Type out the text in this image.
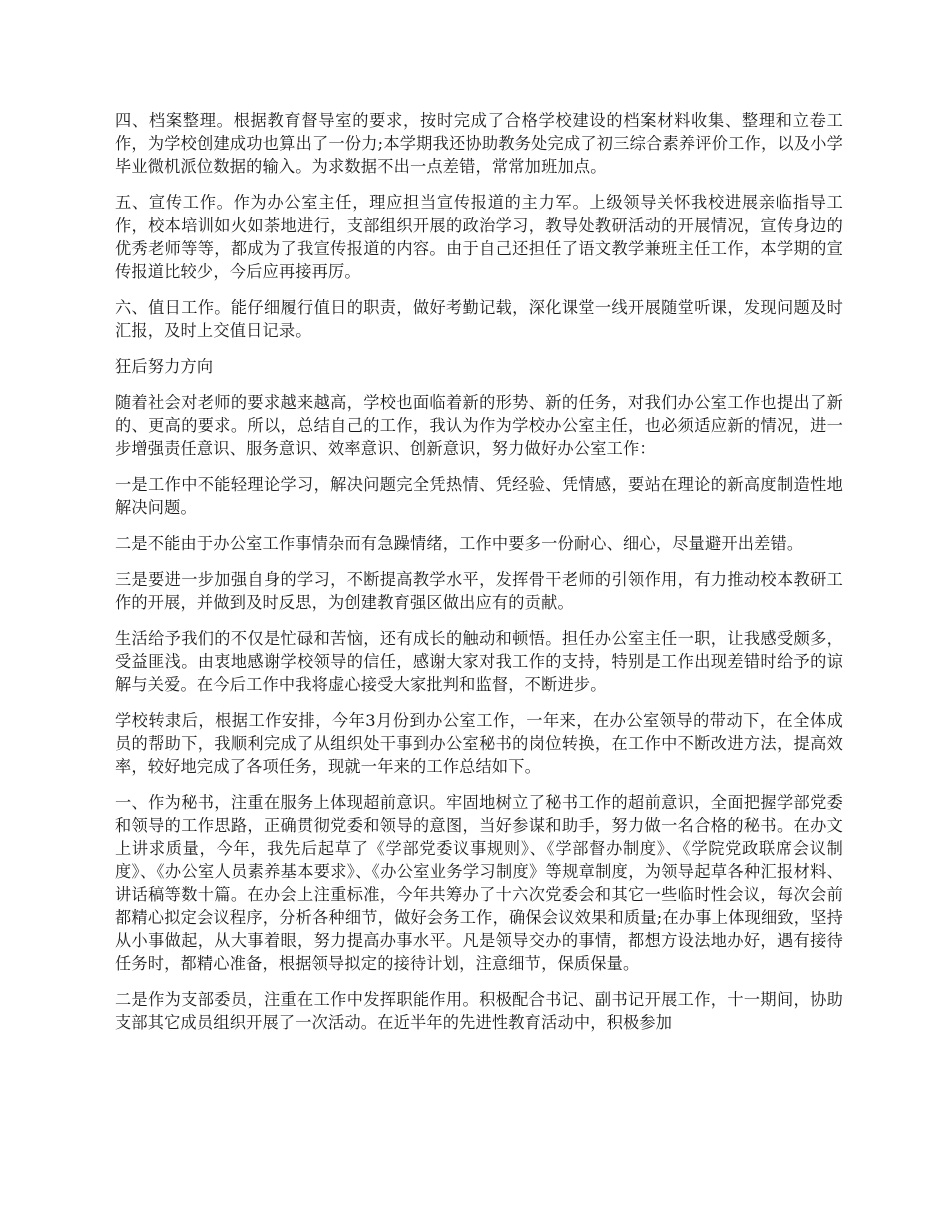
四、档案整理。根据教育督导室的要求，按时完成了合格学校建设的档案材料收集、整理和立卷工作，为学校创建成功也算出了一份力;本学期我还协助教务处完成了初三综合素养评价工作，以及小学毕业微机派位数据的输入。为求数据不出一点差错，常常加班加点。

五、宣传工作。作为办公室主任，理应担当宣传报道的主力军。上级领导关怀我校进展亲临指导工作，校本培训如火如荼地进行，支部组织开展的政治学习，教导处教研活动的开展情况，宣传身边的优秀老师等等，都成为了我宣传报道的内容。由于自己还担任了语文教学兼班主任工作，本学期的宣传报道比较少，今后应再接再厉。

六、值日工作。能仔细履行值日的职责，做好考勤记载，深化课堂一线开展随堂听课，发现问题及时汇报，及时上交值日记录。

狂后努力方向

随着社会对老师的要求越来越高，学校也面临着新的形势、新的任务，对我们办公室工作也提出了新的、更高的要求。所以，总结自己的工作，我认为作为学校办公室主任，也必须适应新的情况，进一步增强责任意识、服务意识、效率意识、创新意识，努力做好办公室工作：

一是工作中不能轻理论学习，解决问题完全凭热情、凭经验、凭情感，要站在理论的新高度制造性地解决问题。

二是不能由于办公室工作事情杂而有急躁情绪，工作中要多一份耐心、细心，尽量避开出差错。

三是要进一步加强自身的学习，不断提高教学水平，发挥骨干老师的引领作用，有力推动校本教研工作的开展，并做到及时反思，为创建教育强区做出应有的贡献。

生活给予我们的不仅是忙碌和苦恼，还有成长的触动和顿悟。担任办公室主任一职，让我感受颇多，受益匪浅。由衷地感谢学校领导的信任，感谢大家对我工作的支持，特别是工作出现差错时给予的谅解与关爱。在今后工作中我将虚心接受大家批判和监督，不断进步。

学校转隶后，根据工作安排，今年3月份到办公室工作，一年来，在办公室领导的带动下，在全体成员的帮助下，我顺利完成了从组织处干事到办公室秘书的岗位转换，在工作中不断改进方法，提高效率，较好地完成了各项任务，现就一年来的工作总结如下。

一、作为秘书，注重在服务上体现超前意识。牢固地树立了秘书工作的超前意识，全面把握学部党委和领导的工作思路，正确贯彻党委和领导的意图，当好参谋和助手，努力做一名合格的秘书。在办文上讲求质量，今年，我先后起草了《学部党委议事规则》、《学部督办制度》、《学院党政联席会议制度》、《办公室人员素养基本要求》、《办公室业务学习制度》等规章制度，为领导起草各种汇报材料、讲话稿等数十篇。在办会上注重标准，今年共筹办了十六次党委会和其它一些临时性会议，每次会前都精心拟定会议程序，分析各种细节，做好会务工作，确保会议效果和质量;在办事上体现细致，坚持从小事做起，从大事着眼，努力提高办事水平。凡是领导交办的事情，都想方设法地办好，遇有接待任务时，都精心准备，根据领导拟定的接待计划，注意细节，保质保量。

二是作为支部委员，注重在工作中发挥职能作用。积极配合书记、副书记开展工作，十一期间，协助支部其它成员组织开展了一次活动。在近半年的先进性教育活动中，积极参加
